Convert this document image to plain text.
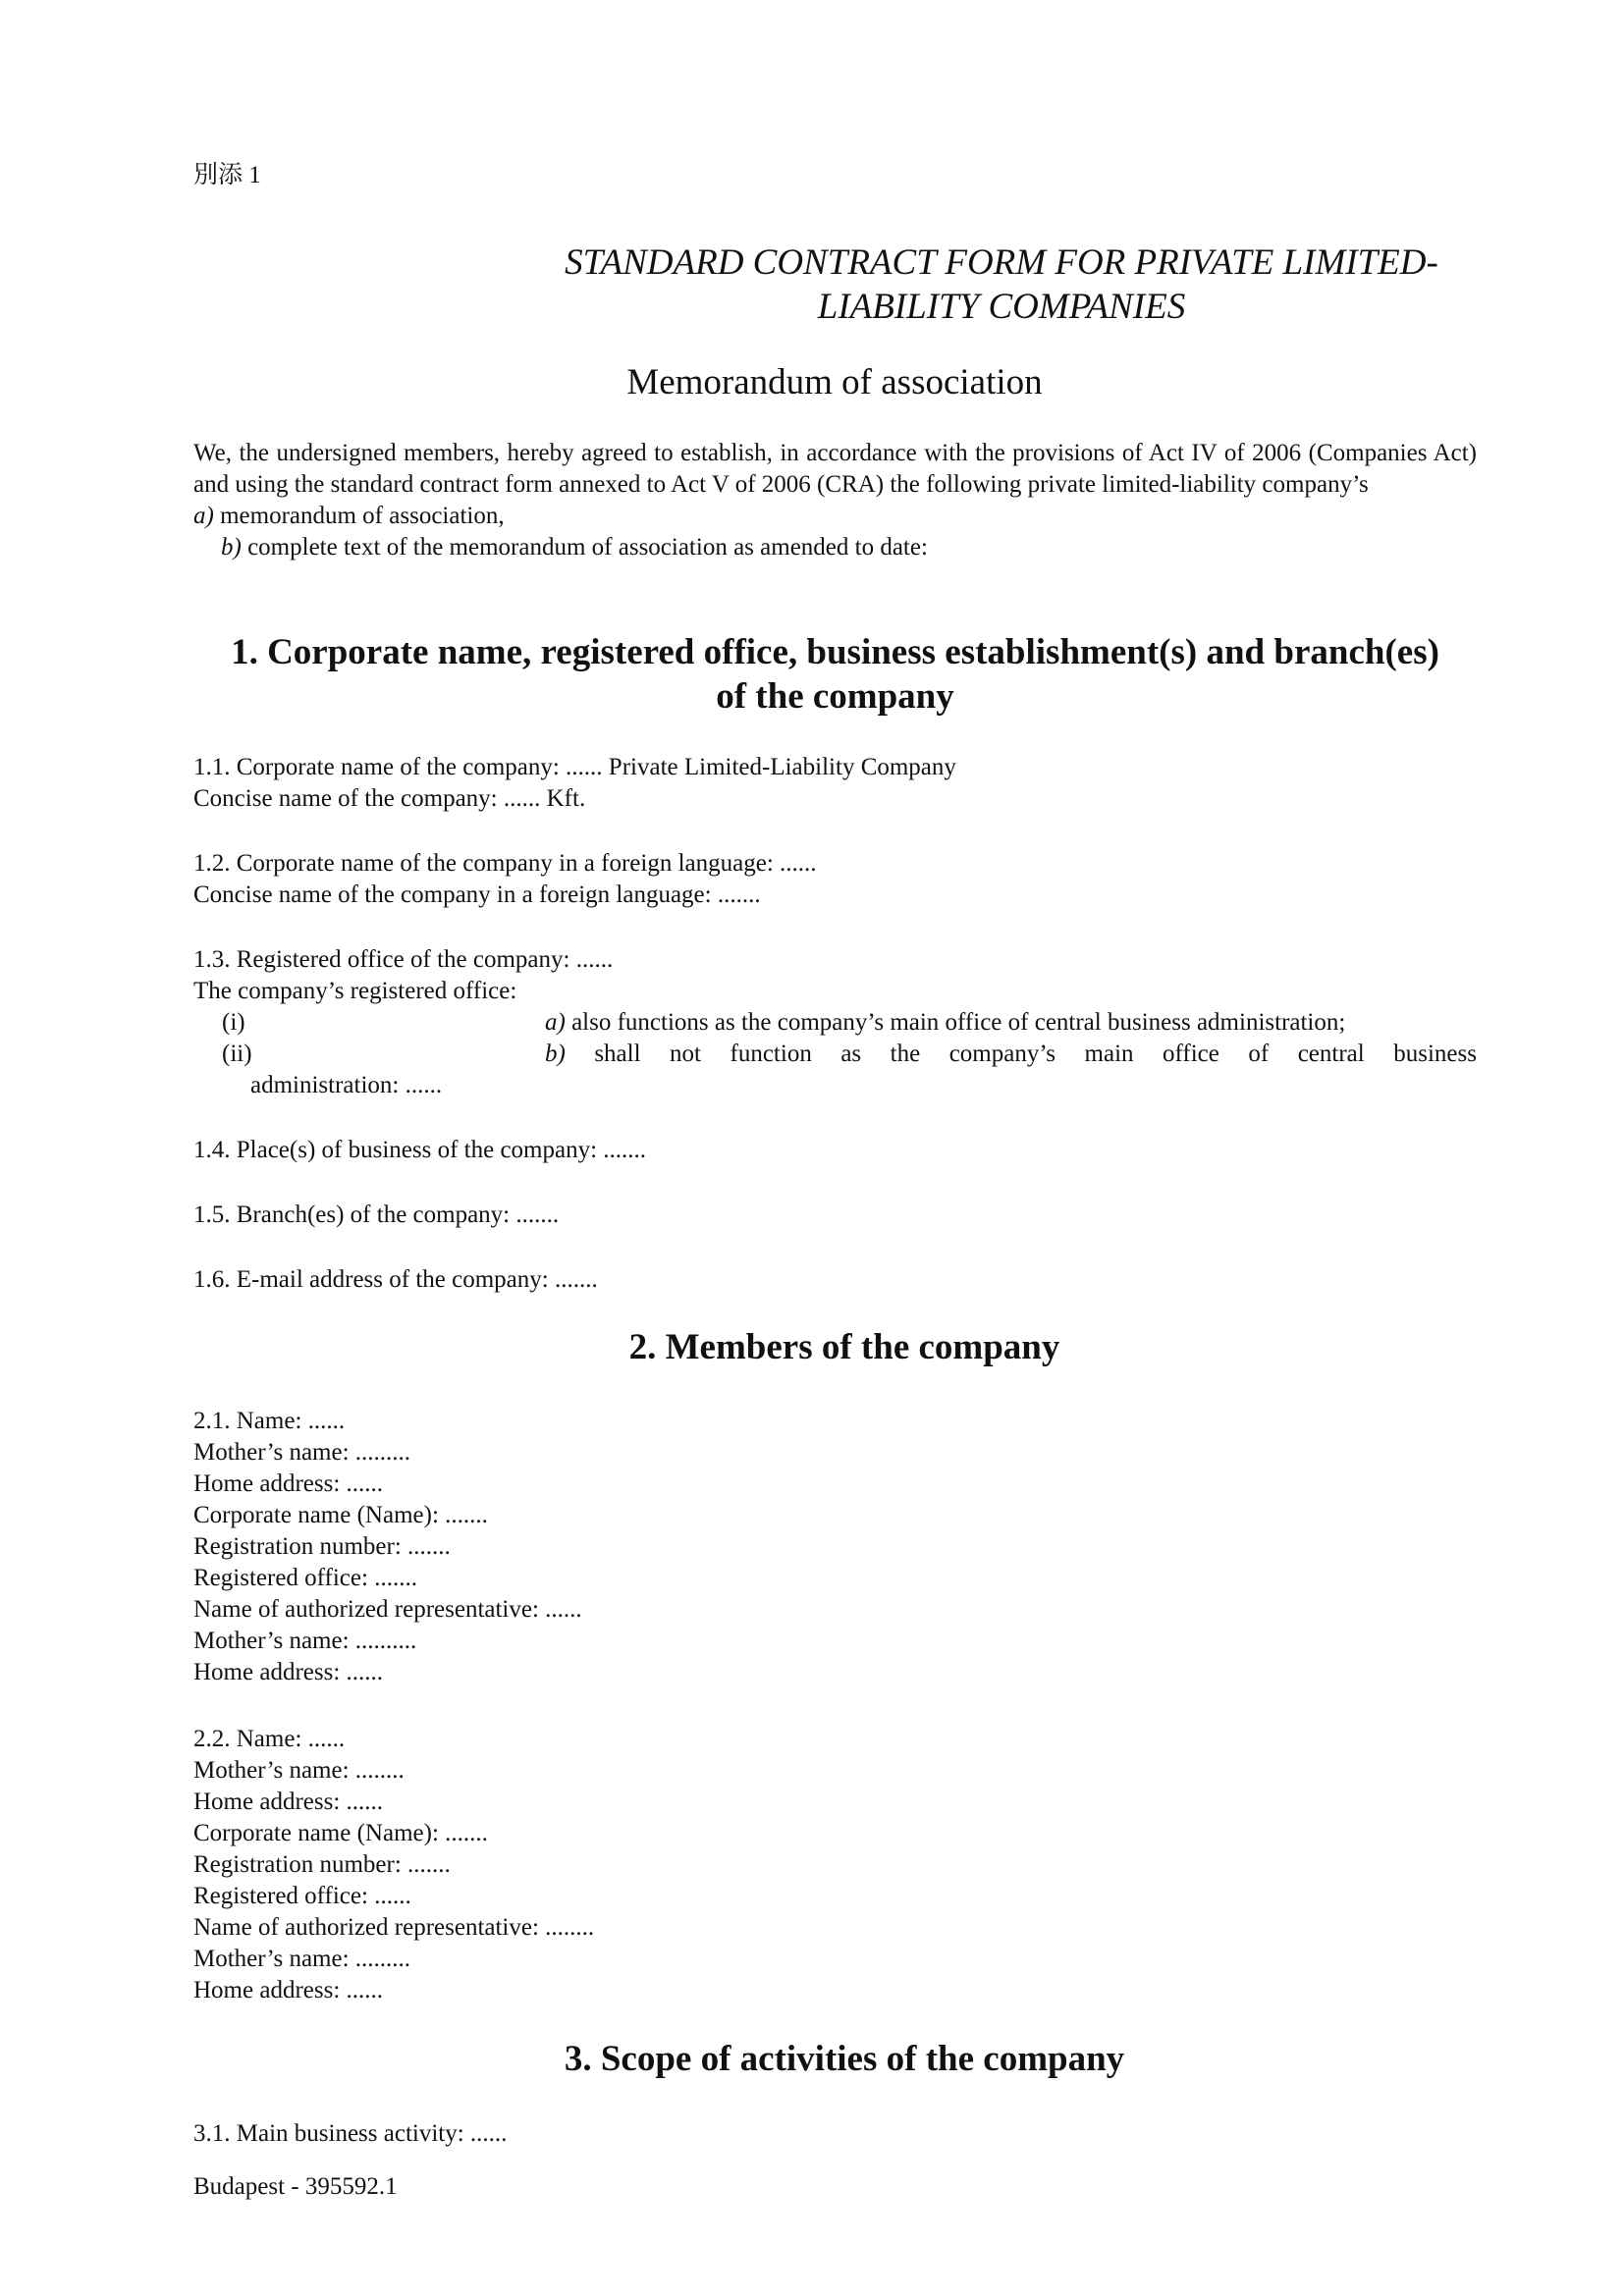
別添 1
STANDARD CONTRACT FORM FOR PRIVATE LIMITED-
LIABILITY COMPANIES
Memorandum of association
We, the undersigned members, hereby agreed to establish, in accordance with the provisions of Act IV of 2006 (Companies Act) and using the standard contract form annexed to Act V of 2006 (CRA) the following private limited-liability company’s
a) memorandum of association,
b) complete text of the memorandum of association as amended to date:
1. Corporate name, registered office, business establishment(s) and branch(es)
of the company
1.1. Corporate name of the company: ...... Private Limited-Liability Company
Concise name of the company: ...... Kft.
1.2. Corporate name of the company in a foreign language: ......
Concise name of the company in a foreign language: .......
1.3. Registered office of the company: ......
The company’s registered office:
(i)	a) also functions as the company’s main office of central business administration;
(ii)	b) shall not function as the company’s main office of central business
administration: ......
1.4. Place(s) of business of the company: .......
1.5. Branch(es) of the company: .......
1.6. E-mail address of the company: .......
2. Members of the company
2.1. Name: ......
Mother’s name: .........
Home address: ......
Corporate name (Name): .......
Registration number: .......
Registered office: .......
Name of authorized representative: ......
Mother’s name: ..........
Home address: ......
2.2. Name: ......
Mother’s name: ........
Home address: ......
Corporate name (Name): .......
Registration number: .......
Registered office: ......
Name of authorized representative: ........
Mother’s name: .........
Home address: ......
3. Scope of activities of the company
3.1. Main business activity: ......
Budapest - 395592.1
